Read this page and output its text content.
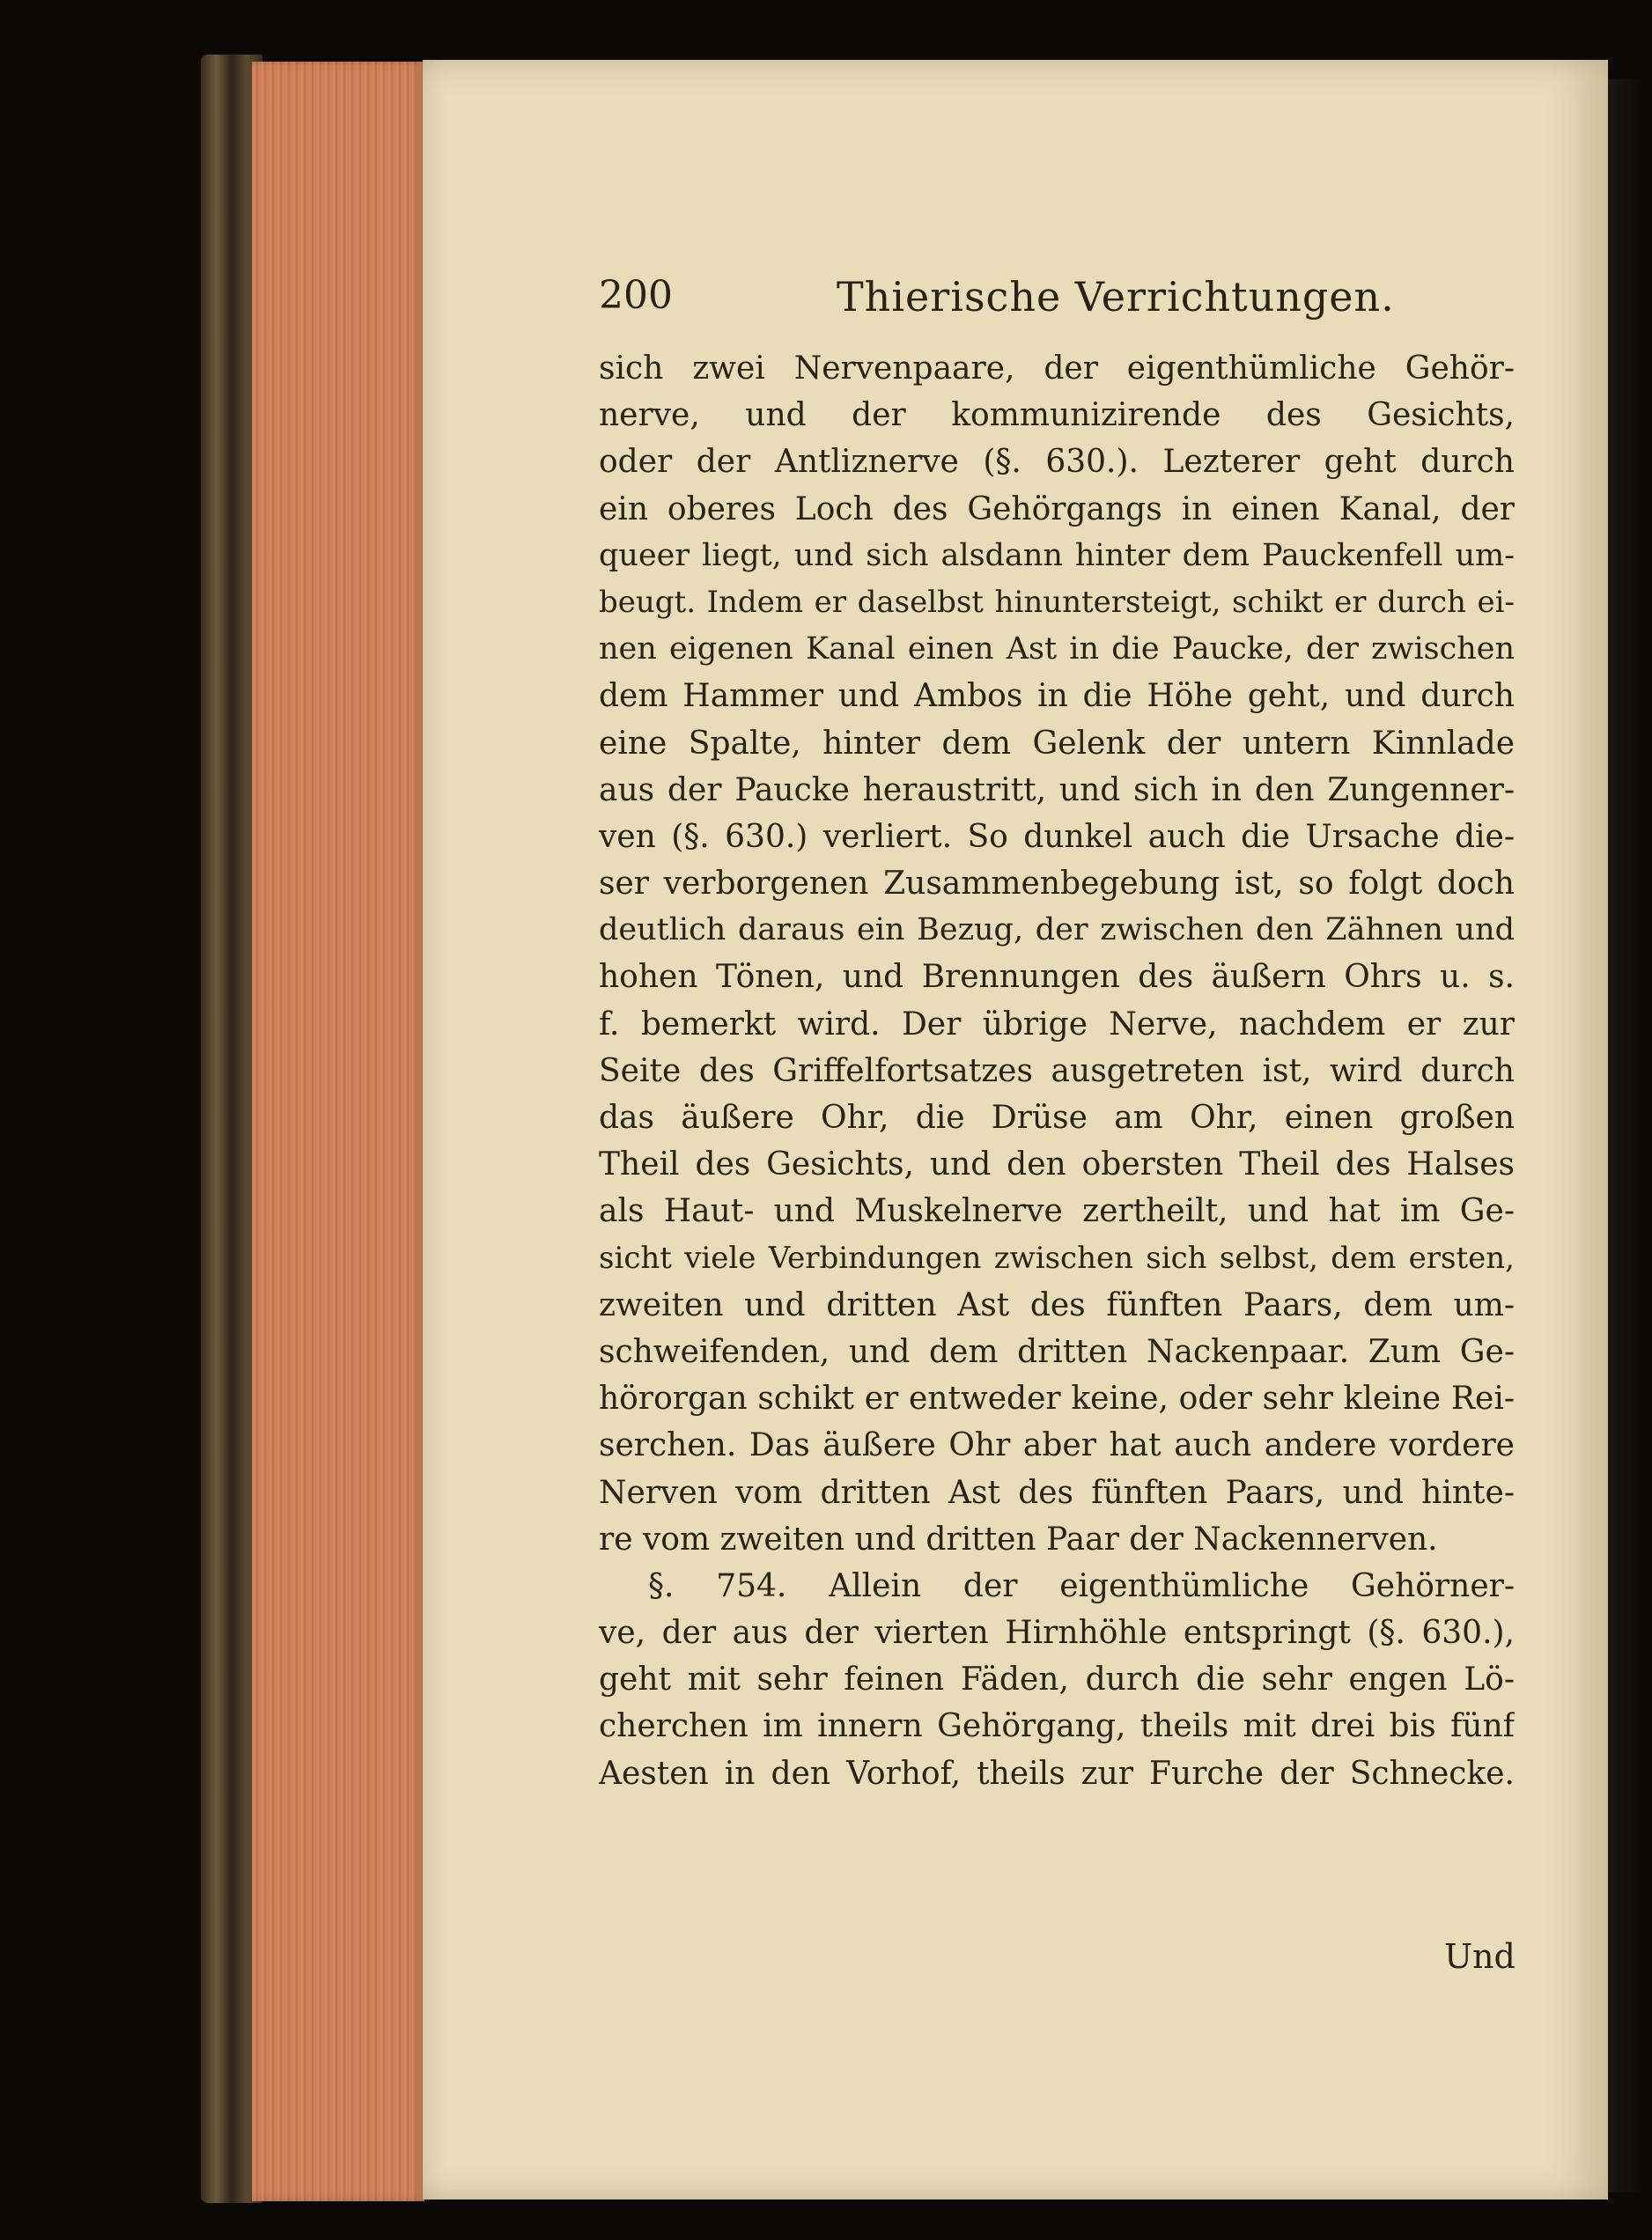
200	Thierische Verrichtungen.
sich zwei Nervenpaare, der eigenthümliche Gehör-
nerve, und der kommunizirende des Gesichts,
oder der Antliznerve (§. 630.). Lezterer geht durch
ein oberes Loch des Gehörgangs in einen Kanal, der
queer liegt, und sich alsdann hinter dem Pauckenfell um-
beugt. Indem er daselbst hinuntersteigt, schikt er durch ei-
nen eigenen Kanal einen Ast in die Paucke, der zwischen
dem Hammer und Ambos in die Höhe geht, und durch
eine Spalte, hinter dem Gelenk der untern Kinnlade
aus der Paucke heraustritt, und sich in den Zungenner-
ven (§. 630.) verliert. So dunkel auch die Ursache die-
ser verborgenen Zusammenbegebung ist, so folgt doch
deutlich daraus ein Bezug, der zwischen den Zähnen und
hohen Tönen, und Brennungen des äußern Ohrs u. s.
f. bemerkt wird. Der übrige Nerve, nachdem er zur
Seite des Griffelfortsatzes ausgetreten ist, wird durch
das äußere Ohr, die Drüse am Ohr, einen großen
Theil des Gesichts, und den obersten Theil des Halses
als Haut- und Muskelnerve zertheilt, und hat im Ge-
sicht viele Verbindungen zwischen sich selbst, dem ersten,
zweiten und dritten Ast des fünften Paars, dem um-
schweifenden, und dem dritten Nackenpaar. Zum Ge-
hörorgan schikt er entweder keine, oder sehr kleine Rei-
serchen. Das äußere Ohr aber hat auch andere vordere
Nerven vom dritten Ast des fünften Paars, und hinte-
re vom zweiten und dritten Paar der Nackennerven.
§. 754. Allein der eigenthümliche Gehörner-
ve, der aus der vierten Hirnhöhle entspringt (§. 630.),
geht mit sehr feinen Fäden, durch die sehr engen Lö-
cherchen im innern Gehörgang, theils mit drei bis fünf
Aesten in den Vorhof, theils zur Furche der Schnecke.
Und
